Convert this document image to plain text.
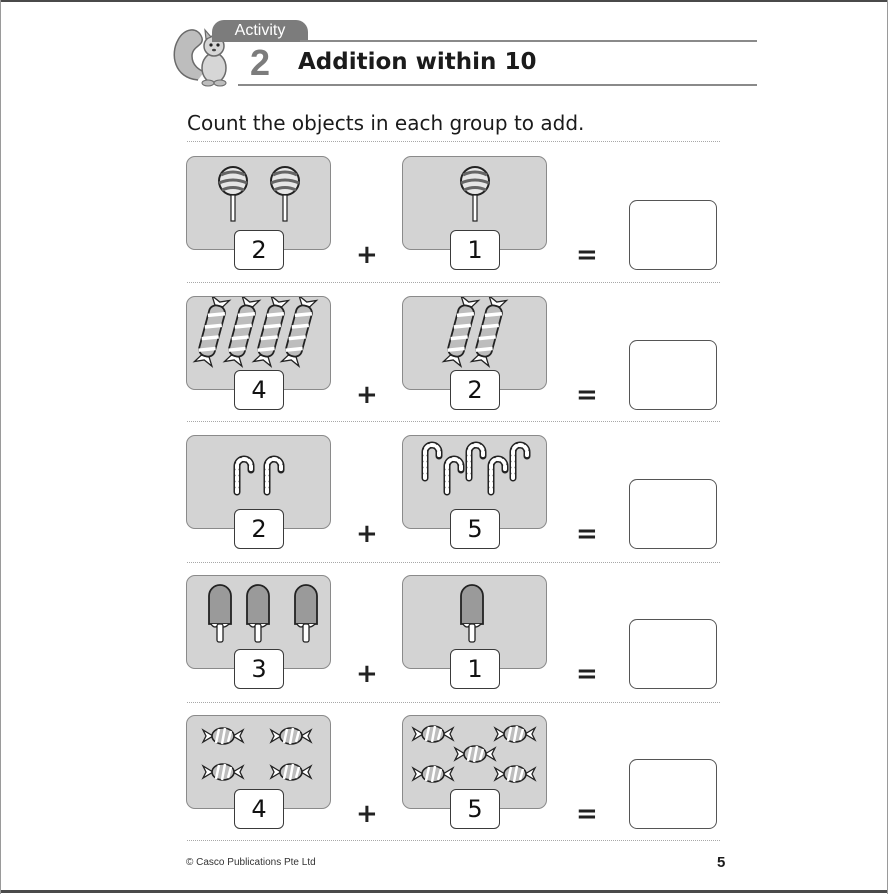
Activity
2	Addition within 10
Count the objects in each group to add.
2	+	1	=
4	+	2	=
2	+	5	=
3	+	1	=
4	+	5	=
© Casco Publications Pte Ltd	5
